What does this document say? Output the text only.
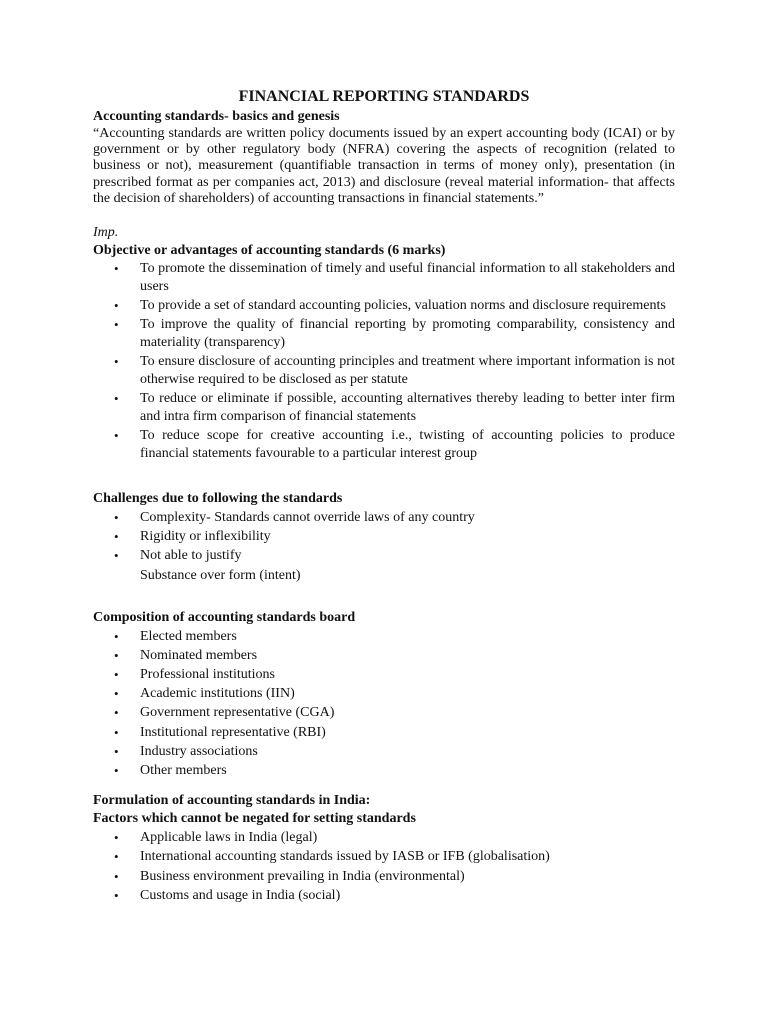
FINANCIAL REPORTING STANDARDS

Accounting standards- basics and genesis

“Accounting standards are written policy documents issued by an expert accounting body (ICAI) or by government or by other regulatory body (NFRA) covering the aspects of recognition (related to business or not), measurement (quantifiable transaction in terms of money only), presentation (in prescribed format as per companies act, 2013) and disclosure (reveal material information- that affects the decision of shareholders) of accounting transactions in financial statements.”

Imp.

Objective or advantages of accounting standards (6 marks)

• To promote the dissemination of timely and useful financial information to all stakeholders and users
• To provide a set of standard accounting policies, valuation norms and disclosure requirements
• To improve the quality of financial reporting by promoting comparability, consistency and materiality (transparency)
• To ensure disclosure of accounting principles and treatment where important information is not otherwise required to be disclosed as per statute
• To reduce or eliminate if possible, accounting alternatives thereby leading to better inter firm and intra firm comparison of financial statements
• To reduce scope for creative accounting i.e., twisting of accounting policies to produce financial statements favourable to a particular interest group

Challenges due to following the standards

• Complexity- Standards cannot override laws of any country
• Rigidity or inflexibility
• Not able to justify

Substance over form (intent)

Composition of accounting standards board

• Elected members
• Nominated members
• Professional institutions
• Academic institutions (IIN)
• Government representative (CGA)
• Institutional representative (RBI)
• Industry associations
• Other members

Formulation of accounting standards in India:

Factors which cannot be negated for setting standards

• Applicable laws in India (legal)
• International accounting standards issued by IASB or IFB (globalisation)
• Business environment prevailing in India (environmental)
• Customs and usage in India (social)
